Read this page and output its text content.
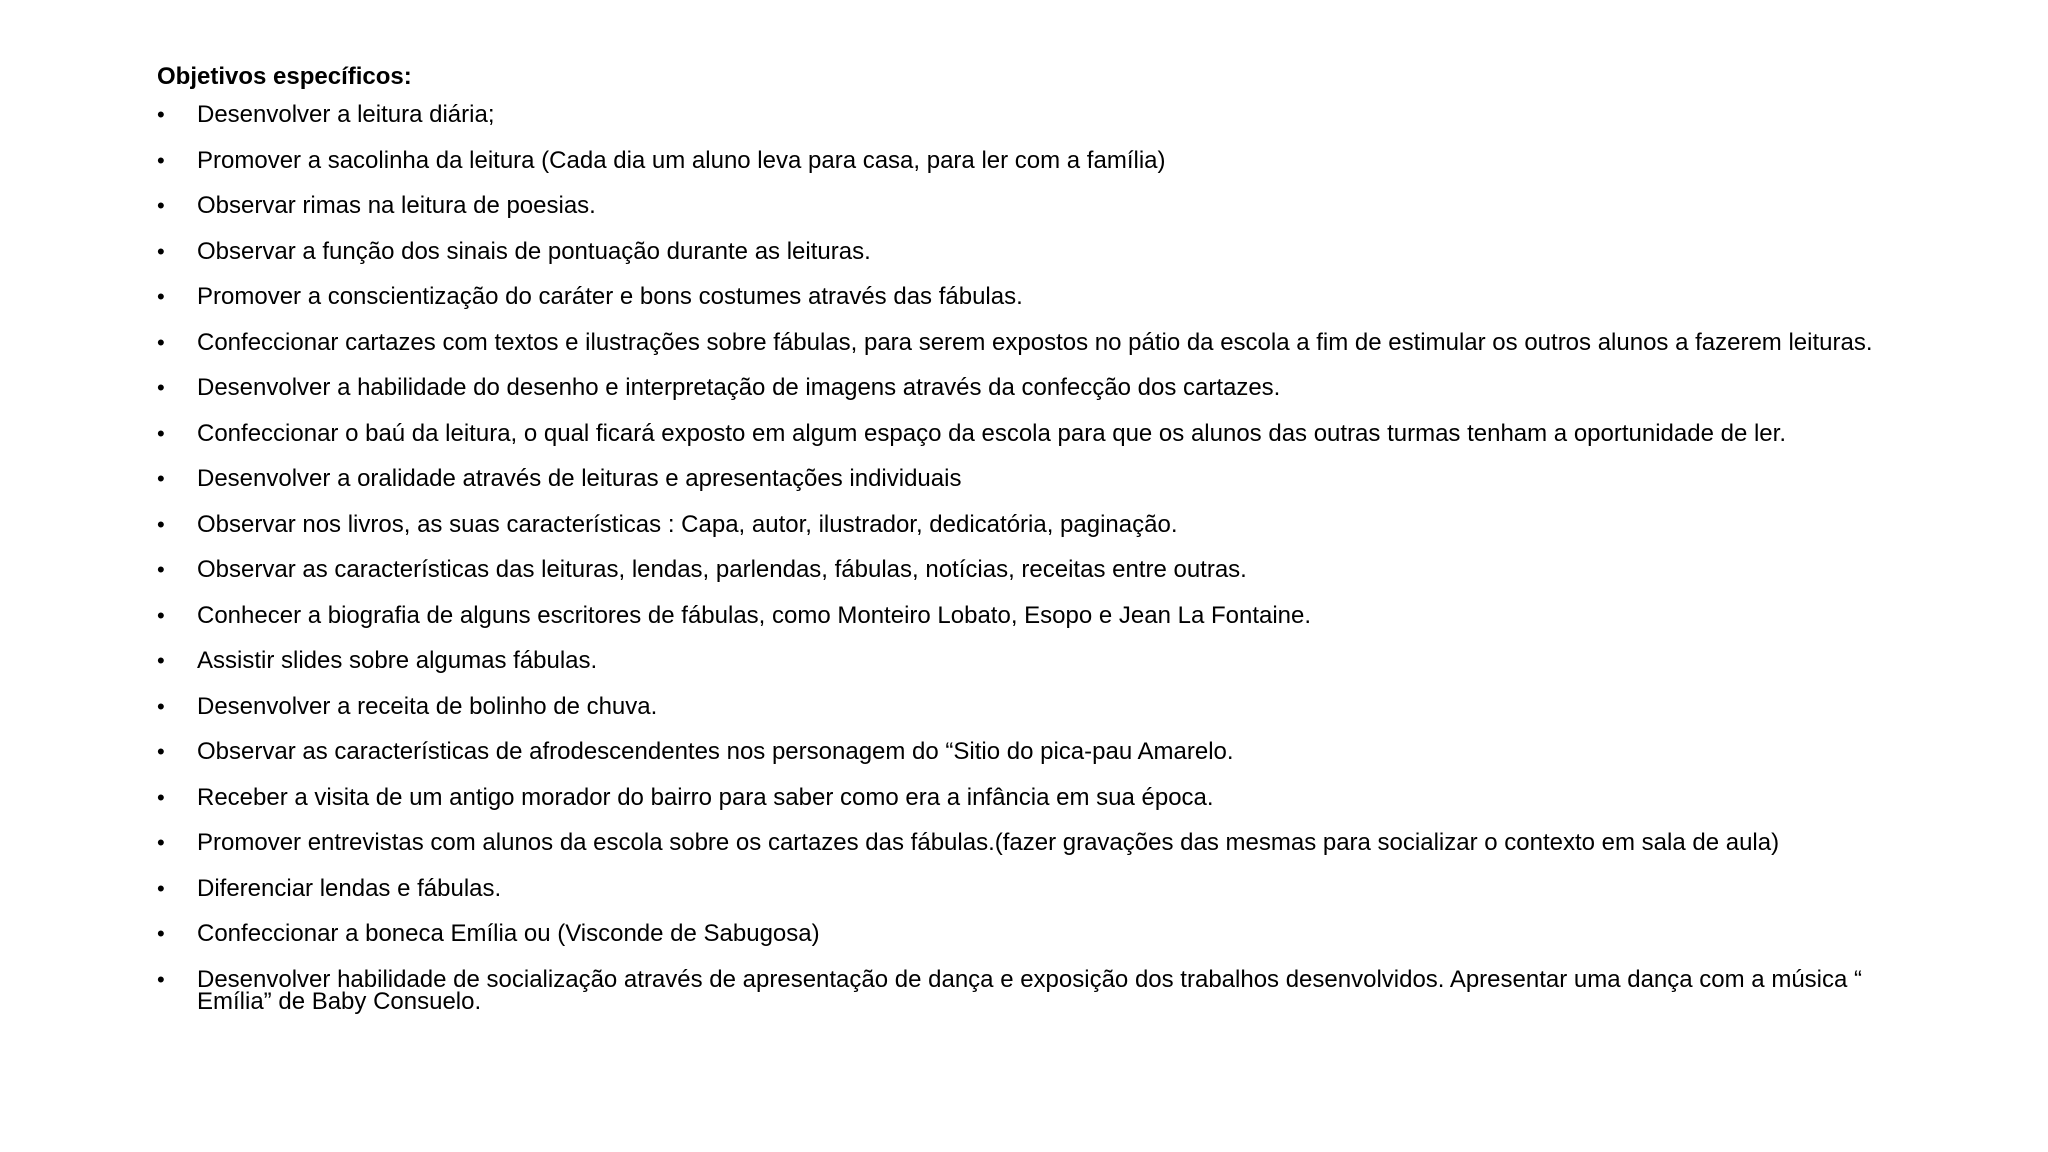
Objetivos específicos:
•	Desenvolver a leitura diária;
•	Promover a sacolinha da leitura (Cada dia um aluno leva para casa, para ler com a família)
•	Observar rimas na leitura de poesias.
•	Observar a função dos sinais de pontuação durante as leituras.
•	Promover a conscientização do caráter e bons costumes através das fábulas.
•	Confeccionar cartazes com textos e ilustrações sobre fábulas, para serem expostos no pátio da escola a fim de estimular os outros alunos a fazerem leituras.
•	Desenvolver a habilidade do desenho e interpretação de imagens através da confecção dos cartazes.
•	Confeccionar o baú da leitura, o qual ficará exposto em algum espaço da escola para que os alunos das outras turmas tenham a oportunidade de ler.
•	Desenvolver a oralidade através de leituras e apresentações individuais
•	Observar nos livros, as suas características : Capa, autor, ilustrador, dedicatória, paginação.
•	Observar as características das leituras, lendas, parlendas, fábulas, notícias, receitas entre outras.
•	Conhecer a biografia de alguns escritores de fábulas, como Monteiro Lobato, Esopo e Jean La Fontaine.
•	Assistir slides sobre algumas fábulas.
•	Desenvolver a receita de bolinho de chuva.
•	Observar as características de afrodescendentes nos personagem do “Sitio do pica-pau Amarelo.
•	Receber a visita de um antigo morador do bairro para saber como era a infância em sua época.
•	Promover entrevistas com alunos da escola sobre os cartazes das fábulas.(fazer gravações das mesmas para socializar o contexto em sala de aula)
•	Diferenciar lendas e fábulas.
•	Confeccionar a boneca Emília ou (Visconde de Sabugosa)
•	Desenvolver habilidade de socialização através de apresentação de dança e exposição dos trabalhos desenvolvidos. Apresentar uma dança com a música “ Emília” de Baby Consuelo.
